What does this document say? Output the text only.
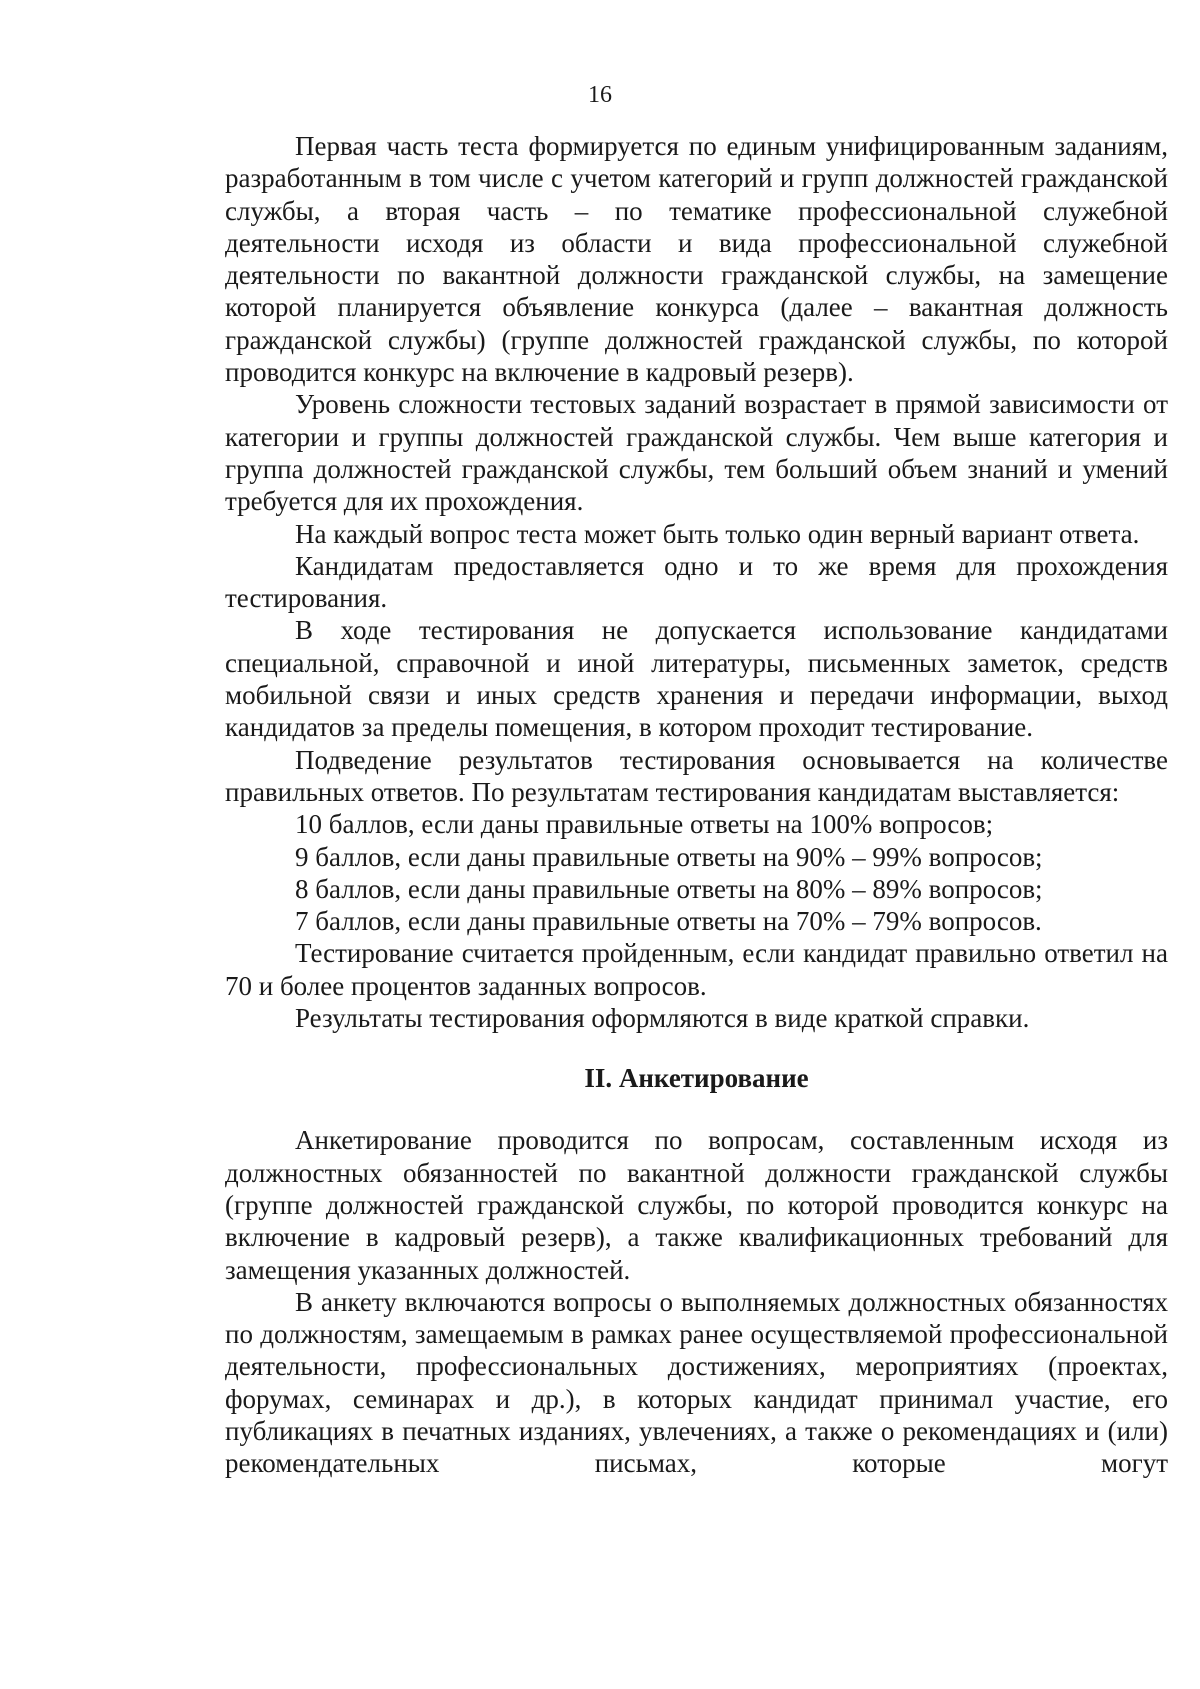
16

Первая часть теста формируется по единым унифицированным заданиям, разработанным в том числе с учетом категорий и групп должностей гражданской службы, а вторая часть – по тематике профессиональной служебной деятельности исходя из области и вида профессиональной служебной деятельности по вакантной должности гражданской службы, на замещение которой планируется объявление конкурса (далее – вакантная должность гражданской службы) (группе должностей гражданской службы, по которой проводится конкурс на включение в кадровый резерв).

Уровень сложности тестовых заданий возрастает в прямой зависимости от категории и группы должностей гражданской службы. Чем выше категория и группа должностей гражданской службы, тем больший объем знаний и умений требуется для их прохождения.

На каждый вопрос теста может быть только один верный вариант ответа.

Кандидатам предоставляется одно и то же время для прохождения тестирования.

В ходе тестирования не допускается использование кандидатами специальной, справочной и иной литературы, письменных заметок, средств мобильной связи и иных средств хранения и передачи информации, выход кандидатов за пределы помещения, в котором проходит тестирование.

Подведение результатов тестирования основывается на количестве правильных ответов. По результатам тестирования кандидатам выставляется:

10 баллов, если даны правильные ответы на 100% вопросов;

9 баллов, если даны правильные ответы на 90% – 99% вопросов;

8 баллов, если даны правильные ответы на 80% – 89% вопросов;

7 баллов, если даны правильные ответы на 70% – 79% вопросов.

Тестирование считается пройденным, если кандидат правильно ответил на 70 и более процентов заданных вопросов.

Результаты тестирования оформляются в виде краткой справки.

II. Анкетирование

Анкетирование проводится по вопросам, составленным исходя из должностных обязанностей по вакантной должности гражданской службы (группе должностей гражданской службы, по которой проводится конкурс на включение в кадровый резерв), а также квалификационных требований для замещения указанных должностей.

В анкету включаются вопросы о выполняемых должностных обязанностях по должностям, замещаемым в рамках ранее осуществляемой профессиональной деятельности, профессиональных достижениях, мероприятиях (проектах, форумах, семинарах и др.), в которых кандидат принимал участие, его публикациях в печатных изданиях, увлечениях, а также о рекомендациях и (или) рекомендательных письмах, которые могут
